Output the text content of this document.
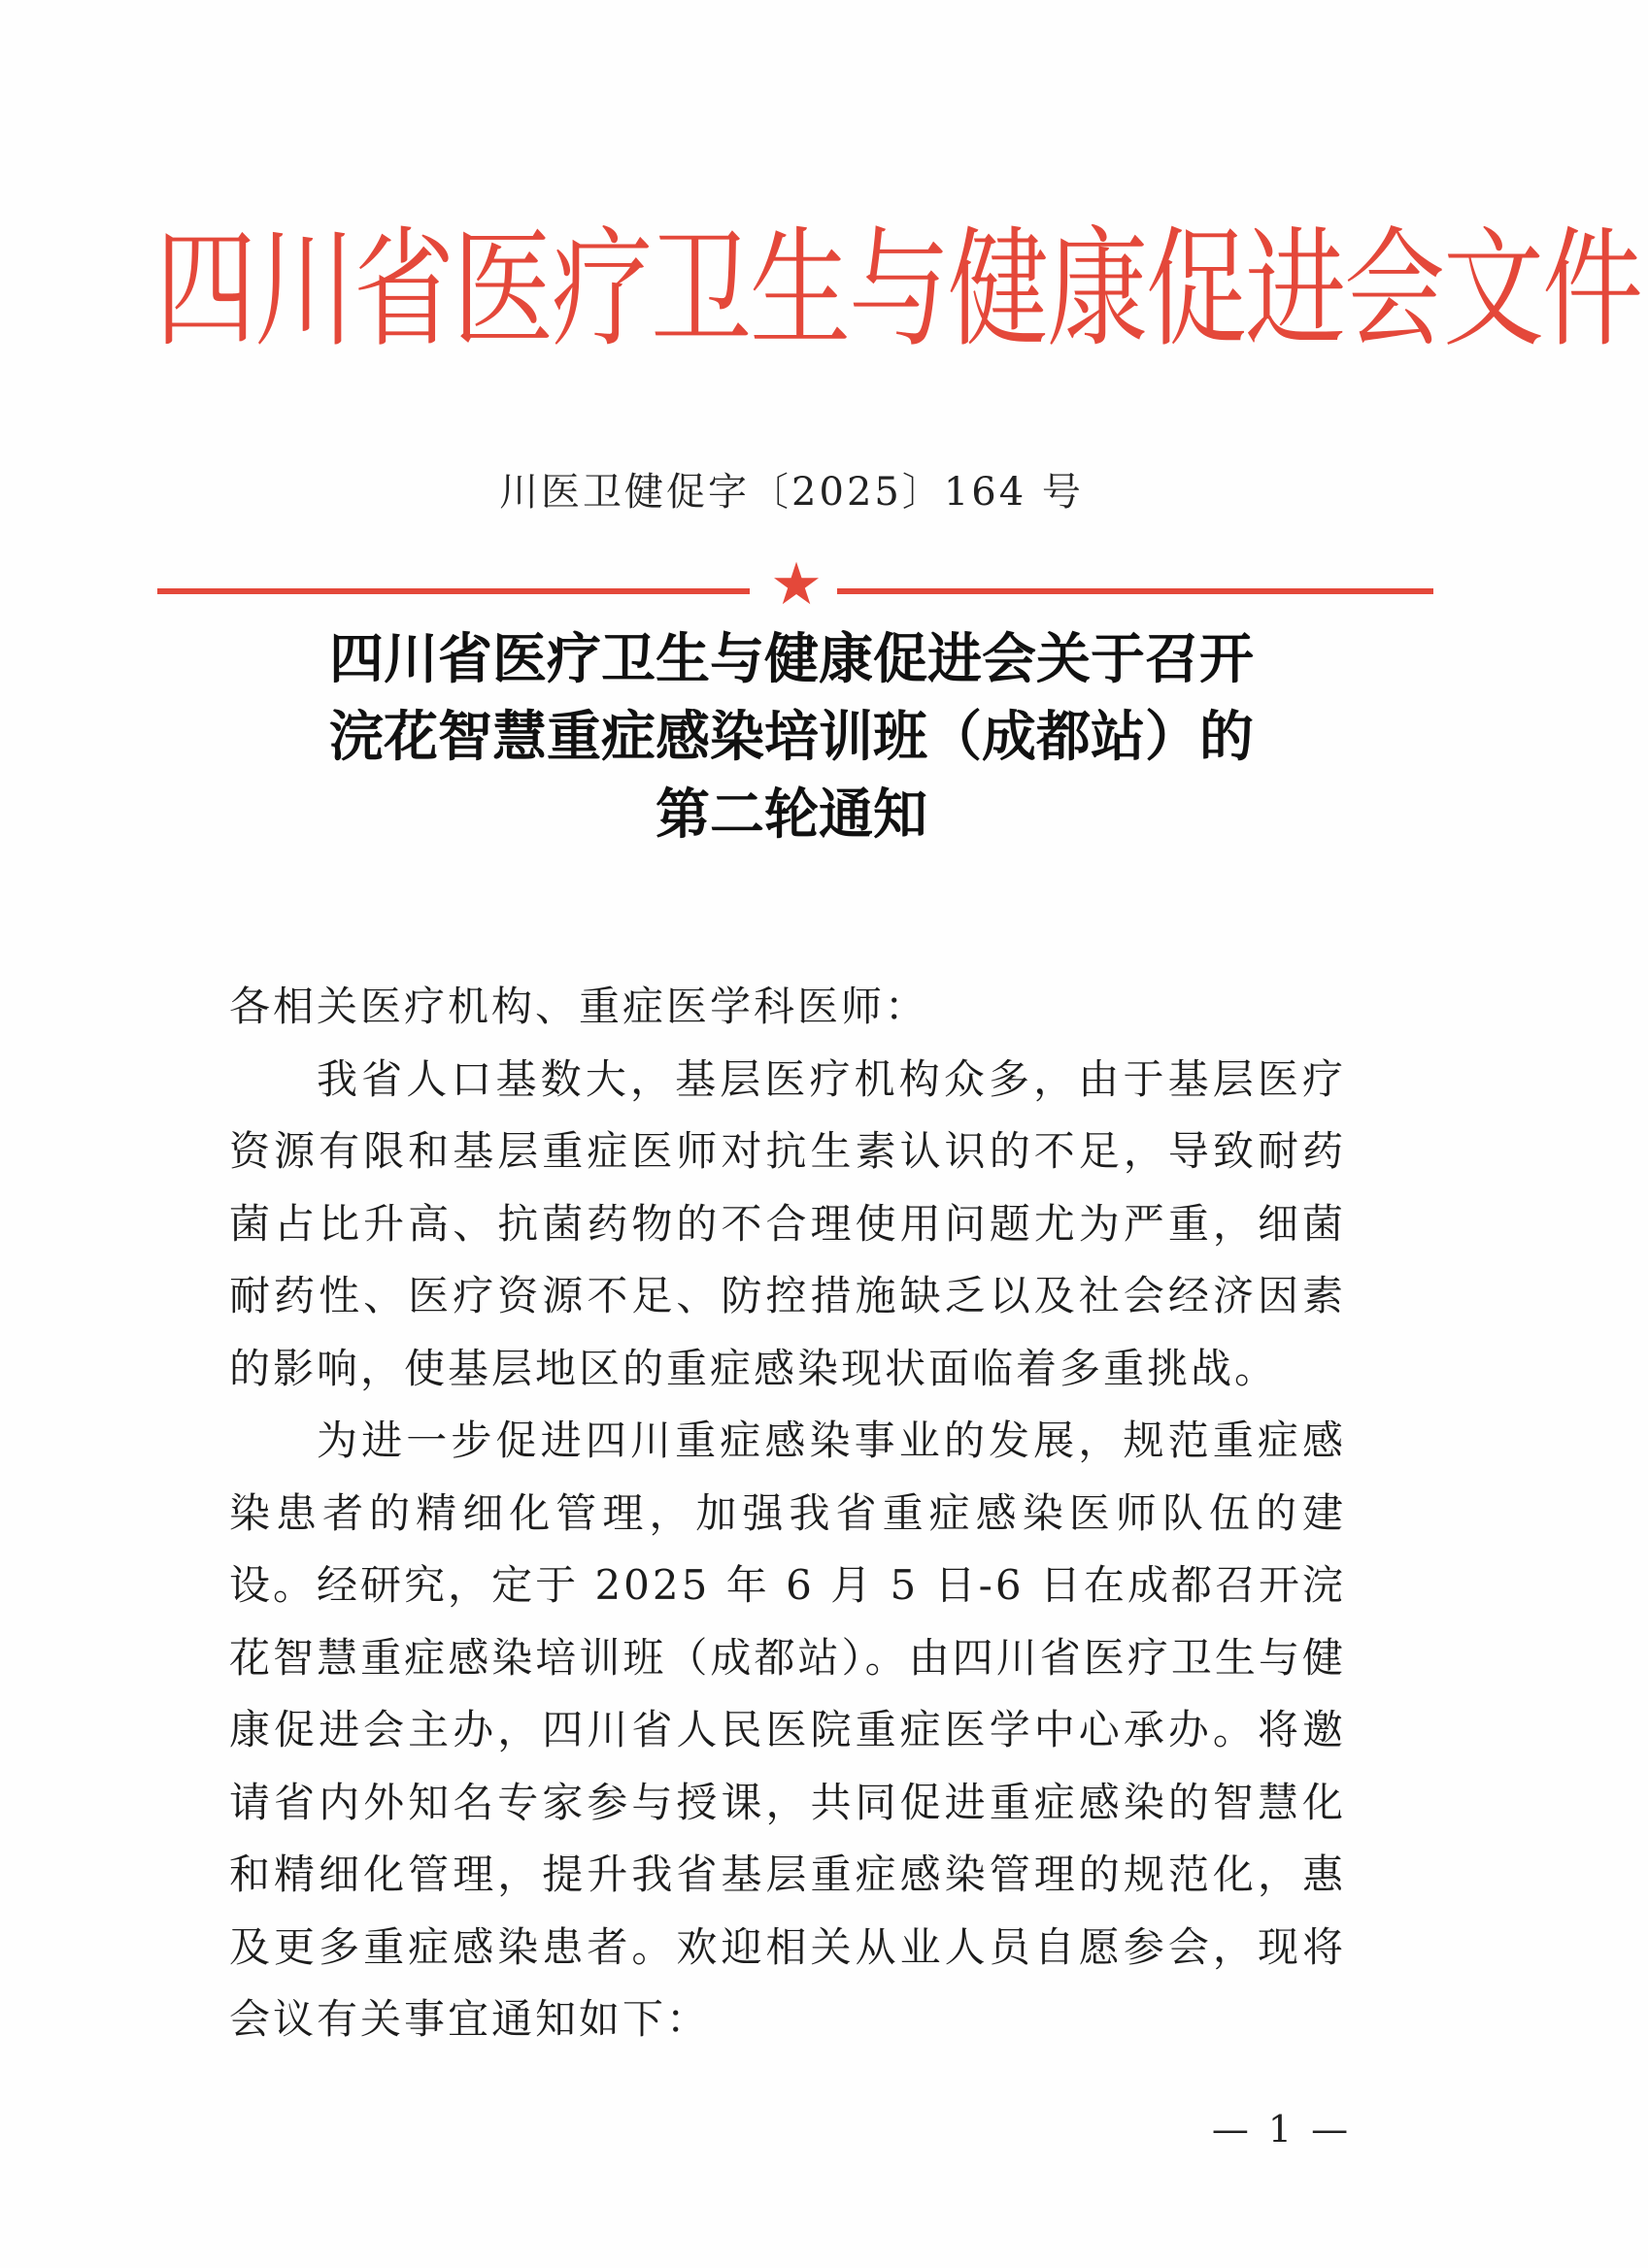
四川省医疗卫生与健康促进会文件
川医卫健促字〔2025〕164 号
★
四川省医疗卫生与健康促进会关于召开
浣花智慧重症感染培训班（成都站）的
第二轮通知

各相关医疗机构、重症医学科医师：

我省人口基数大，基层医疗机构众多，由于基层医疗资源有限和基层重症医师对抗生素认识的不足，导致耐药菌占比升高、抗菌药物的不合理使用问题尤为严重，细菌耐药性、医疗资源不足、防控措施缺乏以及社会经济因素的影响，使基层地区的重症感染现状面临着多重挑战。

为进一步促进四川重症感染事业的发展，规范重症感染患者的精细化管理，加强我省重症感染医师队伍的建设。经研究，定于 2025 年 6 月 5 日-6 日在成都召开浣花智慧重症感染培训班（成都站）。由四川省医疗卫生与健康促进会主办，四川省人民医院重症医学中心承办。将邀请省内外知名专家参与授课，共同促进重症感染的智慧化和精细化管理，提升我省基层重症感染管理的规范化，惠及更多重症感染患者。欢迎相关从业人员自愿参会，现将会议有关事宜通知如下：

— 1 —
